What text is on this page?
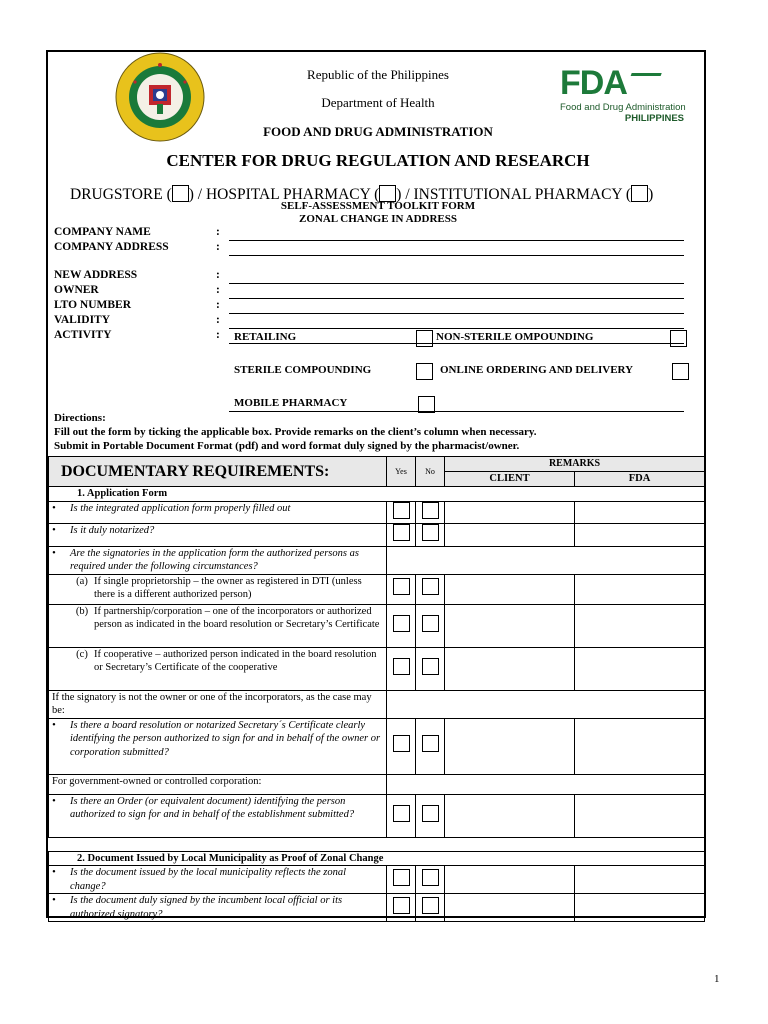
FDA
Food and Drug Administration
PHILIPPINES
Republic of the Philippines
Department of Health
FOOD AND DRUG ADMINISTRATION
CENTER FOR DRUG REGULATION AND RESEARCH
DRUGSTORE ( ) / HOSPITAL PHARMACY ( ) / INSTITUTIONAL PHARMACY ( )
SELF-ASSESSMENT TOOLKIT FORM
ZONAL CHANGE IN ADDRESS
COMPANY NAME	:
COMPANY ADDRESS	:
NEW ADDRESS	:
OWNER	:
LTO NUMBER	:
VALIDITY	:
ACTIVITY	: RETAILING	NON-STERILE OMPOUNDING
STERILE COMPOUNDING	ONLINE ORDERING AND DELIVERY
MOBILE PHARMACY
Directions:
Fill out the form by ticking the applicable box. Provide remarks on the client’s column when necessary.
Submit in Portable Document Format (pdf) and word format duly signed by the pharmacist/owner.
DOCUMENTARY REQUIREMENTS:	Yes	No	REMARKS	
			CLIENT	FDA
1. Application Form				
• Is the integrated application form properly filled out				
• Is it duly notarized?				

• Are the signatories in the application form the authorized persons as required under the following circumstances?				

(a) If single proprietorship – the owner as registered in DTI (unless there is a different authorized person)				

(b) If partnership/corporation – one of the incorporators or authorized person as indicated in the board resolution or Secretary’s Certificate				

(c) If cooperative – authorized person indicated in the board resolution or Secretary’s Certificate of the cooperative				

If the signatory is not the owner or one of the incorporators, as the case may be:				

• Is there a board resolution or notarized Secretary´s Certificate clearly identifying the person authorized to sign for and in behalf of the owner or corporation submitted?				

For government-owned or controlled corporation:				

• Is there an Order (or equivalent document) identifying the person authorized to sign for and in behalf of the establishment submitted?				

2. Document Issued by Local Municipality as Proof of Zonal Change				

• Is the document issued by the local municipality reflects the zonal change?				

• Is the document duly signed by the incumbent local official or its authorized signatory?				

1
